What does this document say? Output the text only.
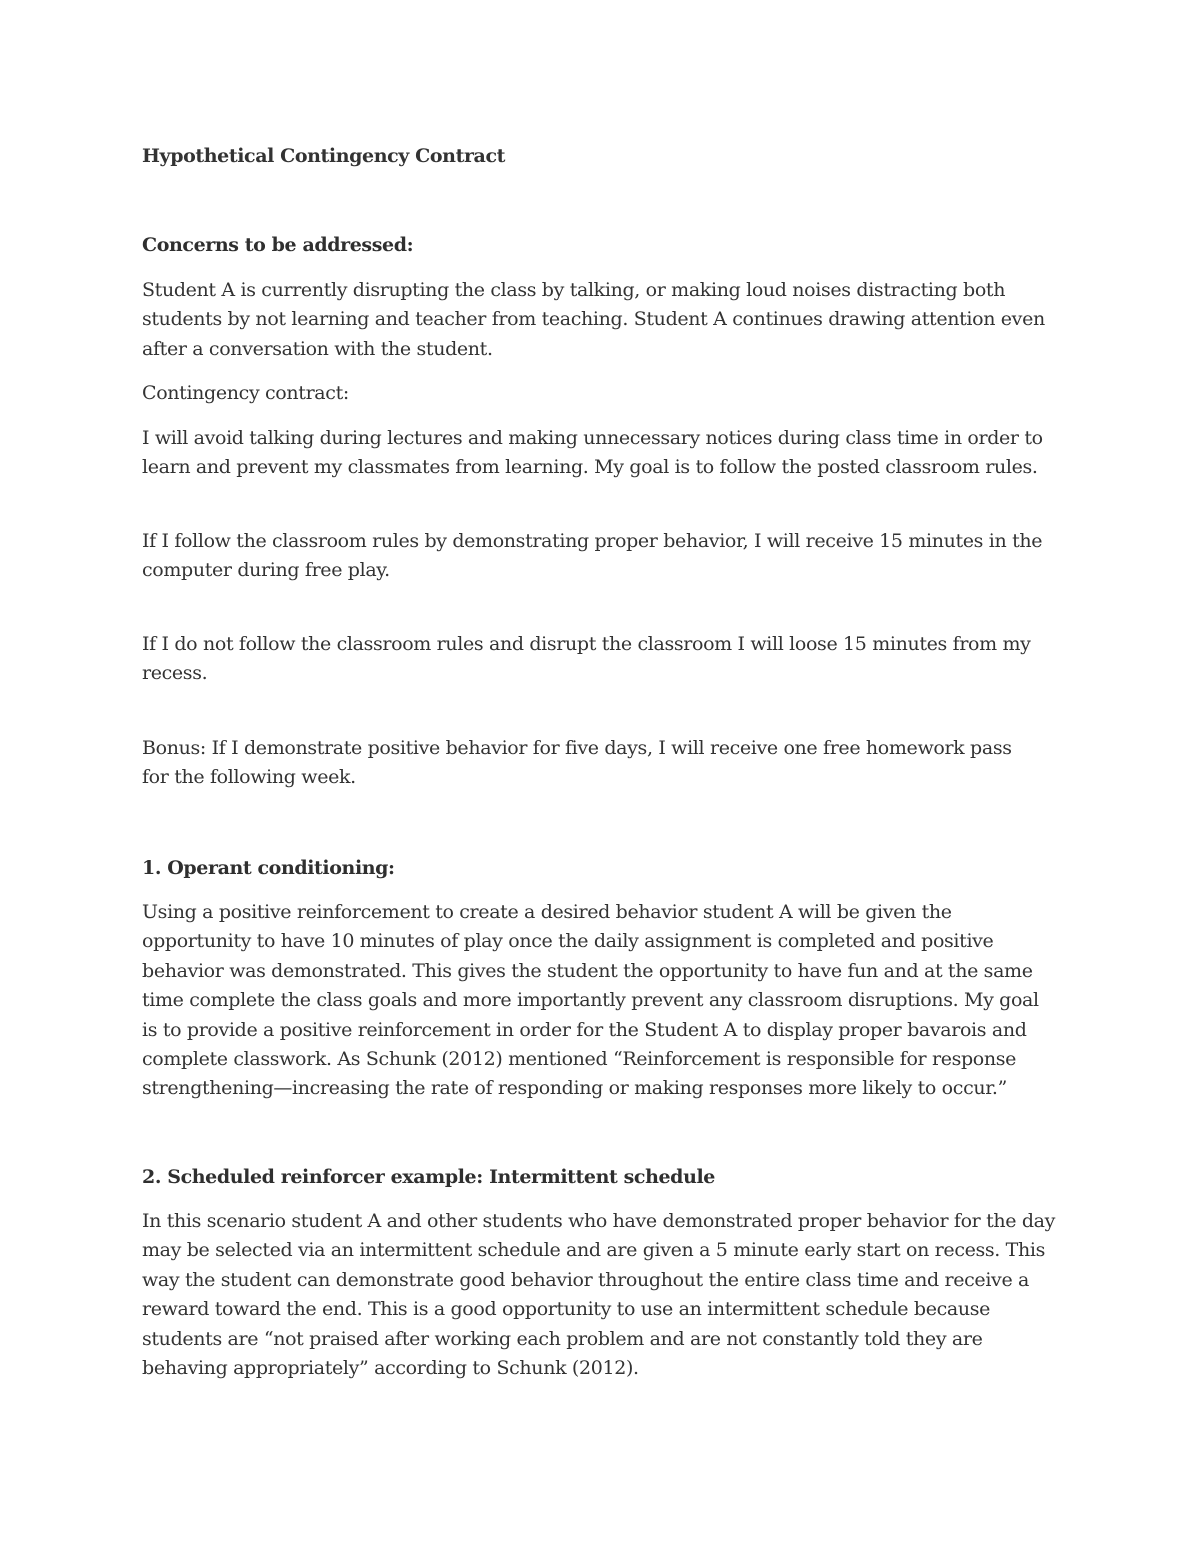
Hypothetical Contingency Contract

Concerns to be addressed:

Student A is currently disrupting the class by talking, or making loud noises distracting both
students by not learning and teacher from teaching. Student A continues drawing attention even
after a conversation with the student.

Contingency contract:

I will avoid talking during lectures and making unnecessary notices during class time in order to
learn and prevent my classmates from learning. My goal is to follow the posted classroom rules.

If I follow the classroom rules by demonstrating proper behavior, I will receive 15 minutes in the
computer during free play.

If I do not follow the classroom rules and disrupt the classroom I will loose 15 minutes from my
recess.

Bonus: If I demonstrate positive behavior for five days, I will receive one free homework pass
for the following week.

1. Operant conditioning:

Using a positive reinforcement to create a desired behavior student A will be given the
opportunity to have 10 minutes of play once the daily assignment is completed and positive
behavior was demonstrated. This gives the student the opportunity to have fun and at the same
time complete the class goals and more importantly prevent any classroom disruptions. My goal
is to provide a positive reinforcement in order for the Student A to display proper bavarois and
complete classwork. As Schunk (2012) mentioned “Reinforcement is responsible for response
strengthening—increasing the rate of responding or making responses more likely to occur.”

2. Scheduled reinforcer example: Intermittent schedule

In this scenario student A and other students who have demonstrated proper behavior for the day
may be selected via an intermittent schedule and are given a 5 minute early start on recess. This
way the student can demonstrate good behavior throughout the entire class time and receive a
reward toward the end. This is a good opportunity to use an intermittent schedule because
students are “not praised after working each problem and are not constantly told they are
behaving appropriately” according to Schunk (2012).
